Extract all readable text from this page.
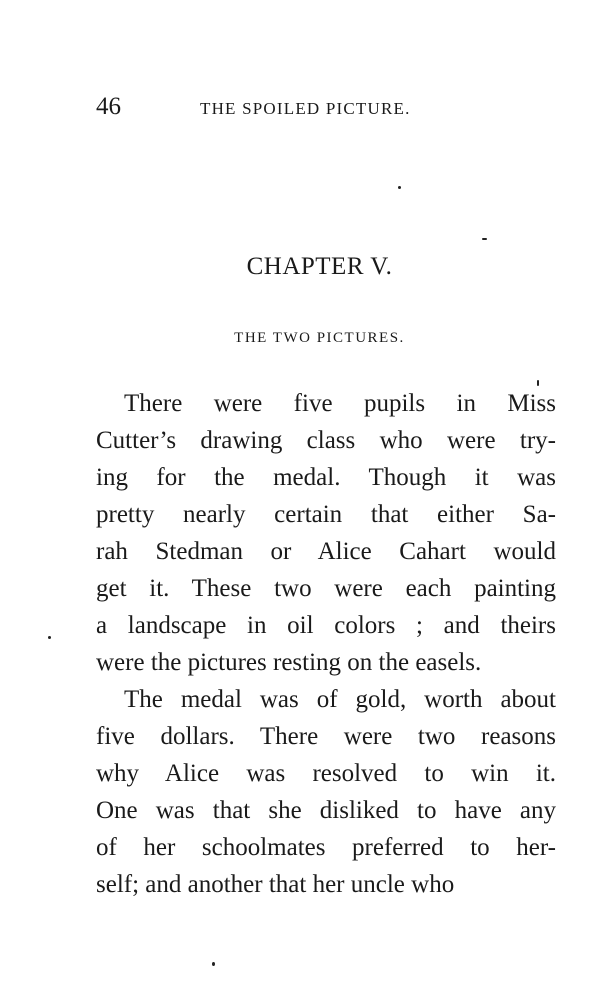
46	THE SPOILED PICTURE.
CHAPTER V.
THE TWO PICTURES.
There were five pupils in Miss
Cutter’s drawing class who were try-
ing for the medal. Though it was
pretty nearly certain that either Sa-
rah Stedman or Alice Cahart would
get it. These two were each painting
a landscape in oil colors ; and theirs
were the pictures resting on the easels.
The medal was of gold, worth about
five dollars. There were two reasons
why Alice was resolved to win it.
One was that she disliked to have any
of her schoolmates preferred to her-
self; and another that her uncle who
